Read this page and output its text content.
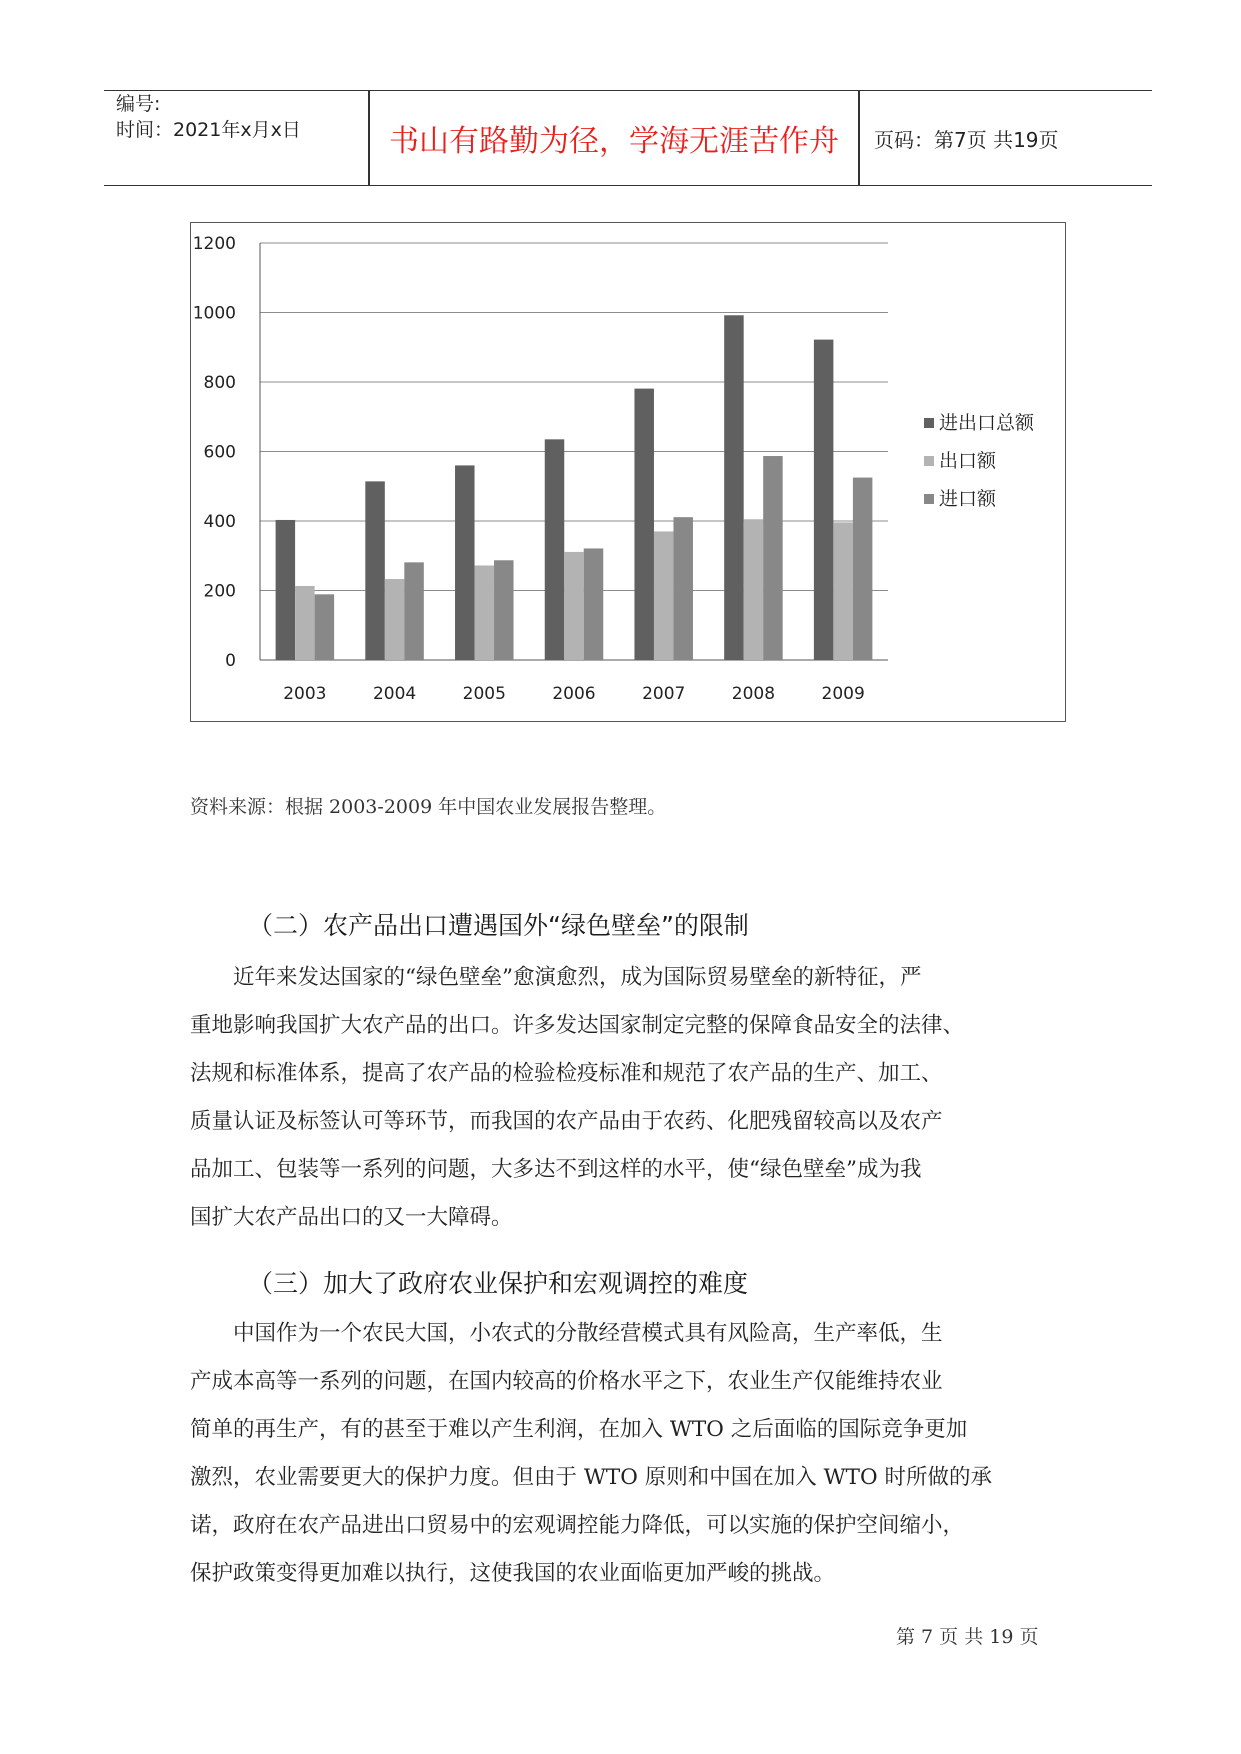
编号:
时间：2021年x月x日	书山有路勤为径，学海无涯苦作舟	页码：第7页 共19页
0
200
400
600
800
1000
1200
2003	2004	2005	2006	2007	2008	2009
进出口总额
出口额
进口额
资料来源：根据 2003-2009 年中国农业发展报告整理。
（二）农产品出口遭遇国外“绿色壁垒”的限制
　　近年来发达国家的“绿色壁垒”愈演愈烈，成为国际贸易壁垒的新特征，严
重地影响我国扩大农产品的出口。许多发达国家制定完整的保障食品安全的法律、
法规和标准体系，提高了农产品的检验检疫标准和规范了农产品的生产、加工、
质量认证及标签认可等环节，而我国的农产品由于农药、化肥残留较高以及农产
品加工、包装等一系列的问题，大多达不到这样的水平，使“绿色壁垒”成为我
国扩大农产品出口的又一大障碍。
（三）加大了政府农业保护和宏观调控的难度
　　中国作为一个农民大国，小农式的分散经营模式具有风险高，生产率低，生
产成本高等一系列的问题，在国内较高的价格水平之下，农业生产仅能维持农业
简单的再生产，有的甚至于难以产生利润，在加入 WTO 之后面临的国际竞争更加
激烈，农业需要更大的保护力度。但由于 WTO 原则和中国在加入 WTO 时所做的承
诺，政府在农产品进出口贸易中的宏观调控能力降低，可以实施的保护空间缩小，
保护政策变得更加难以执行，这使我国的农业面临更加严峻的挑战。
第 7 页 共 19 页
